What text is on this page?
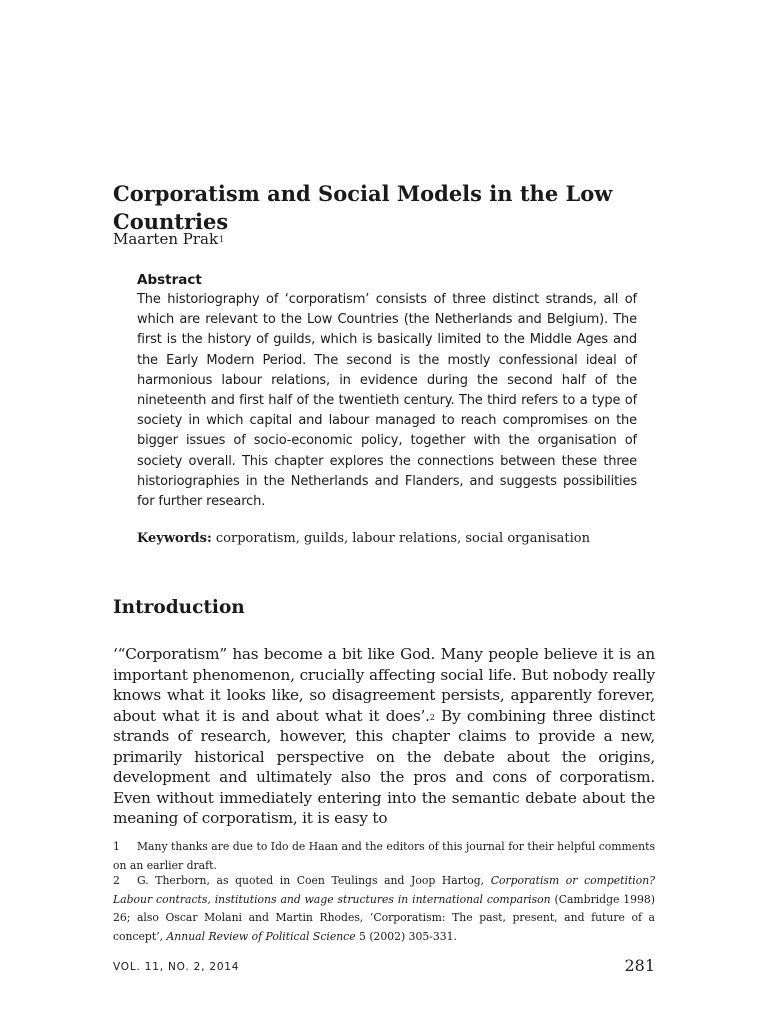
Corporatism and Social Models in the Low Countries

Maarten Prak$^1$

Abstract

The historiography of ‘corporatism’ consists of three distinct strands, all of which are relevant to the Low Countries (the Netherlands and Belgium). The first is the history of guilds, which is basically limited to the Middle Ages and the Early Modern Period. The second is the mostly confessional ideal of harmonious labour relations, in evidence during the second half of the nineteenth and first half of the twentieth century. The third refers to a type of society in which capital and labour managed to reach compromises on the bigger issues of socio-economic policy, together with the organisation of society overall. This chapter explores the connections between these three historiographies in the Netherlands and Flanders, and suggests possibilities for further research.

Keywords: corporatism, guilds, labour relations, social organisation

Introduction

‘“Corporatism” has become a bit like God. Many people believe it is an important phenomenon, crucially affecting social life. But nobody really knows what it looks like, so disagreement persists, apparently forever, about what it is and about what it does’.$^2$ By combining three distinct strands of research, however, this chapter claims to provide a new, primarily historical perspective on the debate about the origins, development and ultimately also the pros and cons of corporatism. Even without immediately entering into the semantic debate about the meaning of corporatism, it is easy to

1 Many thanks are due to Ido de Haan and the editors of this journal for their helpful comments on an earlier draft.

2 G. Therborn, as quoted in Coen Teulings and Joop Hartog, Corporatism or competition? Labour contracts, institutions and wage structures in international comparison (Cambridge 1998) 26; also Oscar Molani and Martin Rhodes, ‘Corporatism: The past, present, and future of a concept’, Annual Review of Political Science 5 (2002) 305-331.

VOL. 11, NO. 2, 2014	281
